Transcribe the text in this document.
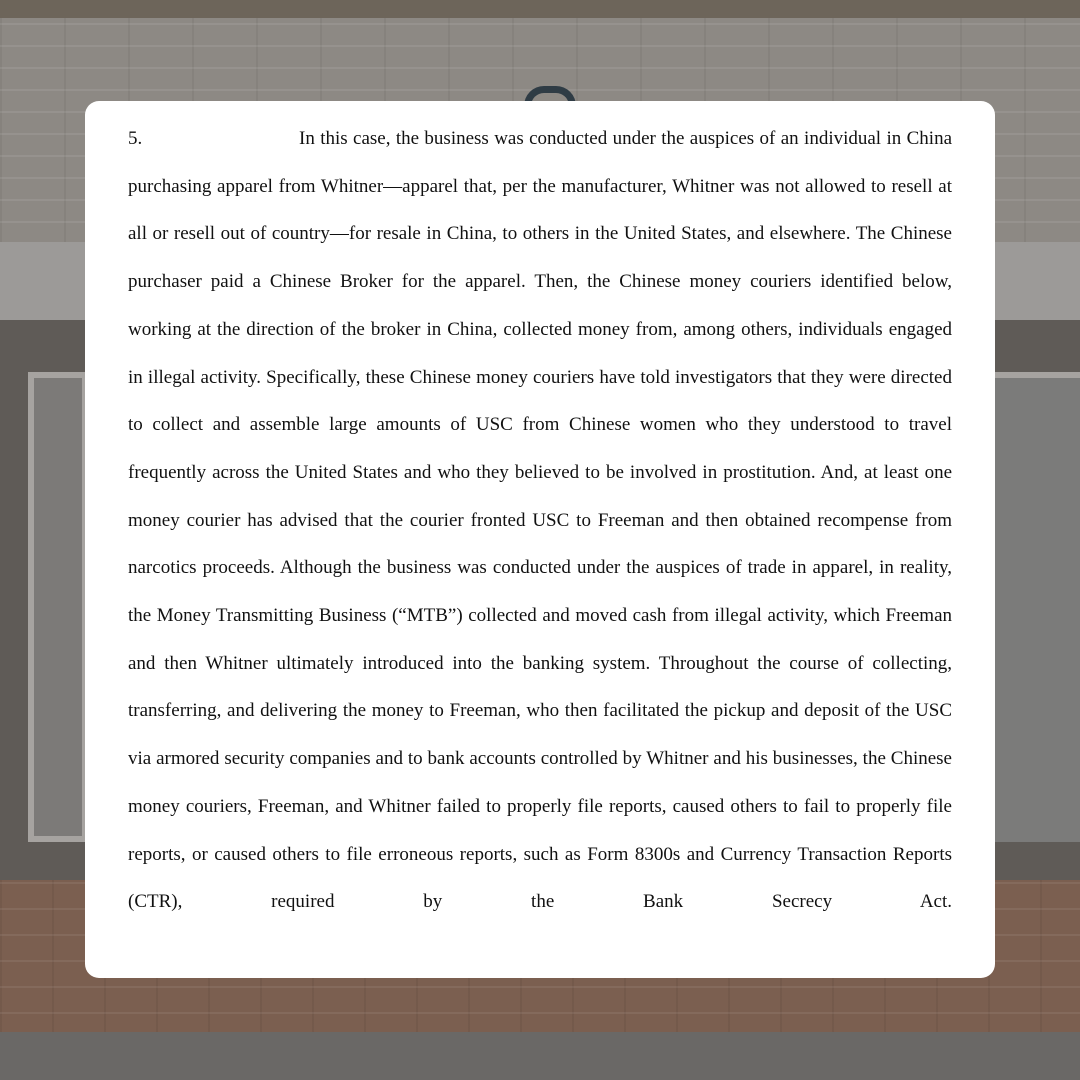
5.	In this case, the business was conducted under the auspices of an individual in China purchasing apparel from Whitner—apparel that, per the manufacturer, Whitner was not allowed to resell at all or resell out of country—for resale in China, to others in the United States, and elsewhere. The Chinese purchaser paid a Chinese Broker for the apparel. Then, the Chinese money couriers identified below, working at the direction of the broker in China, collected money from, among others, individuals engaged in illegal activity. Specifically, these Chinese money couriers have told investigators that they were directed to collect and assemble large amounts of USC from Chinese women who they understood to travel frequently across the United States and who they believed to be involved in prostitution. And, at least one money courier has advised that the courier fronted USC to Freeman and then obtained recompense from narcotics proceeds. Although the business was conducted under the auspices of trade in apparel, in reality, the Money Transmitting Business (“MTB”) collected and moved cash from illegal activity, which Freeman and then Whitner ultimately introduced into the banking system. Throughout the course of collecting, transferring, and delivering the money to Freeman, who then facilitated the pickup and deposit of the USC via armored security companies and to bank accounts controlled by Whitner and his businesses, the Chinese money couriers, Freeman, and Whitner failed to properly file reports, caused others to fail to properly file reports, or caused others to file erroneous reports, such as Form 8300s and Currency Transaction Reports (CTR), required by the Bank Secrecy Act.
